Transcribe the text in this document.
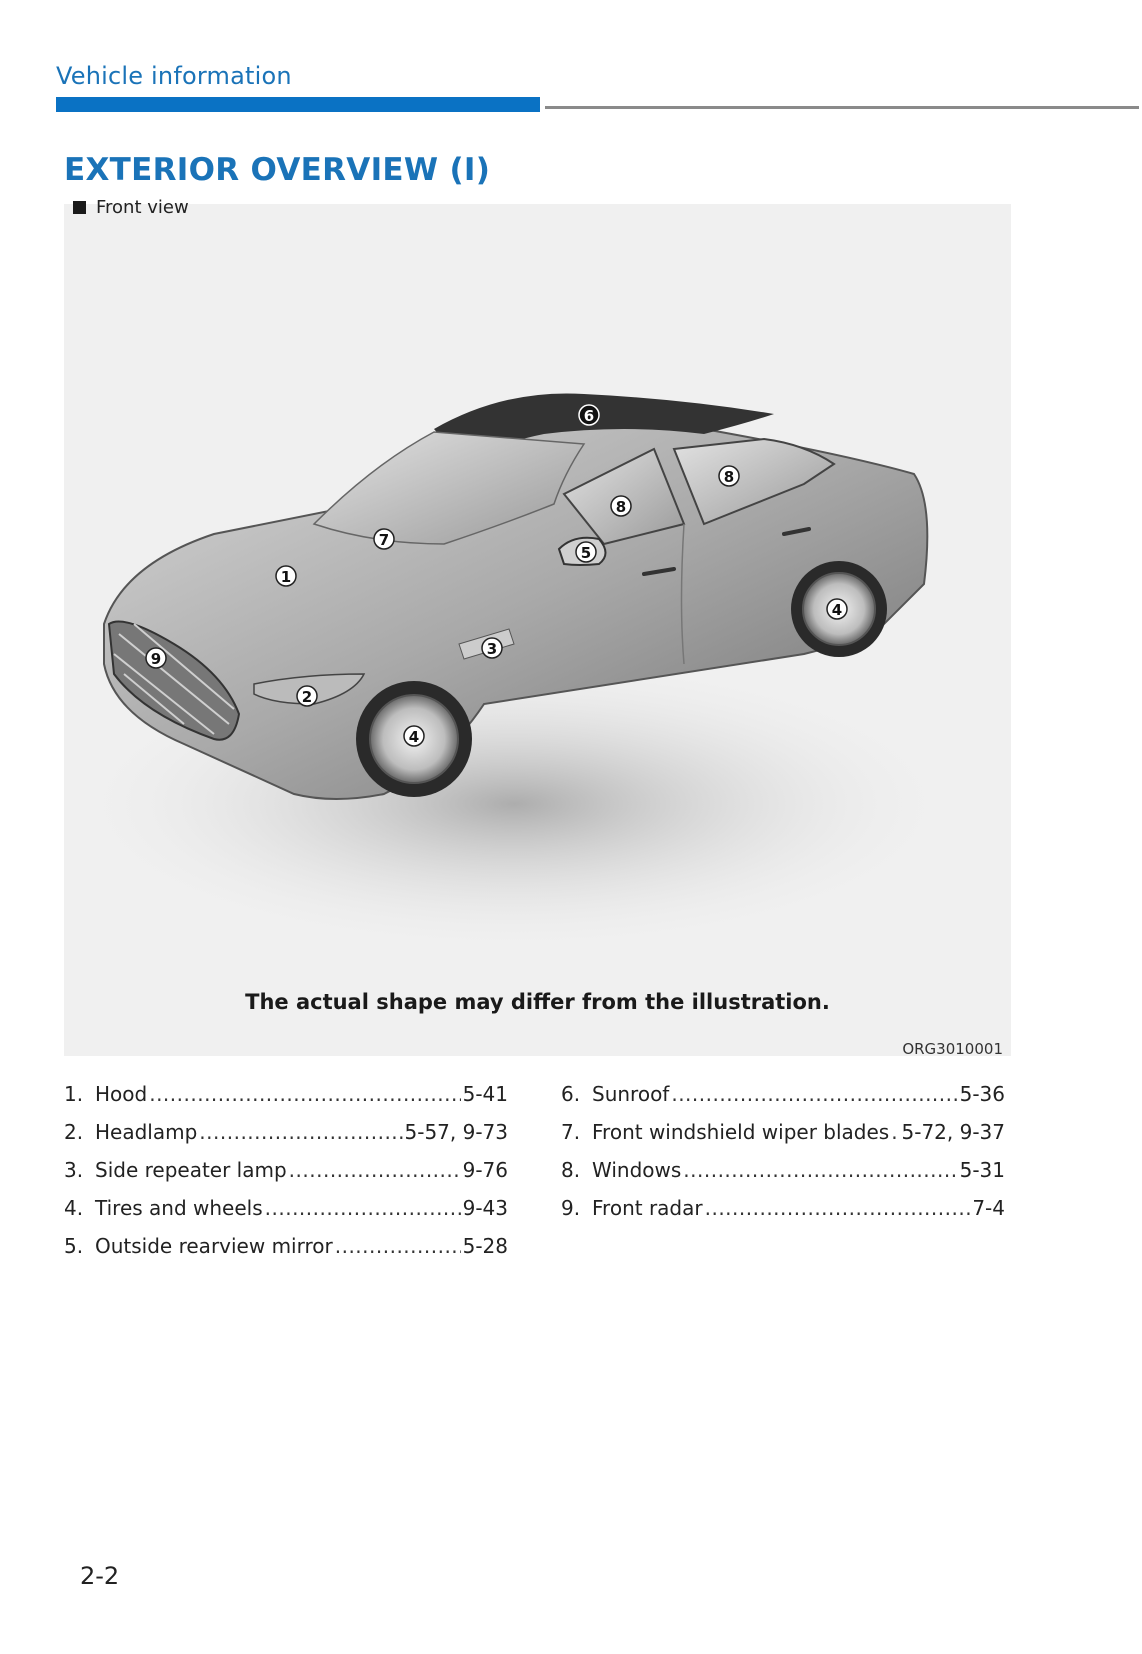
Vehicle information
EXTERIOR OVERVIEW (I)
1
2
3
4
4
5
6
7
8
8
9
The actual shape may differ from the illustration.
ORG3010001
Front view
1. Hood .....	5-41
2. Headlamp .....	5-57, 9-73
3. Side repeater lamp .....	9-76
4. Tires and wheels .....	9-43
5. Outside rearview mirror .....	5-28
6. Sunroof .....	5-36
7. Front windshield wiper blades ..... 5-72, 9-37
8. Windows .....	5-31
9. Front radar .....	7-4
2-2
